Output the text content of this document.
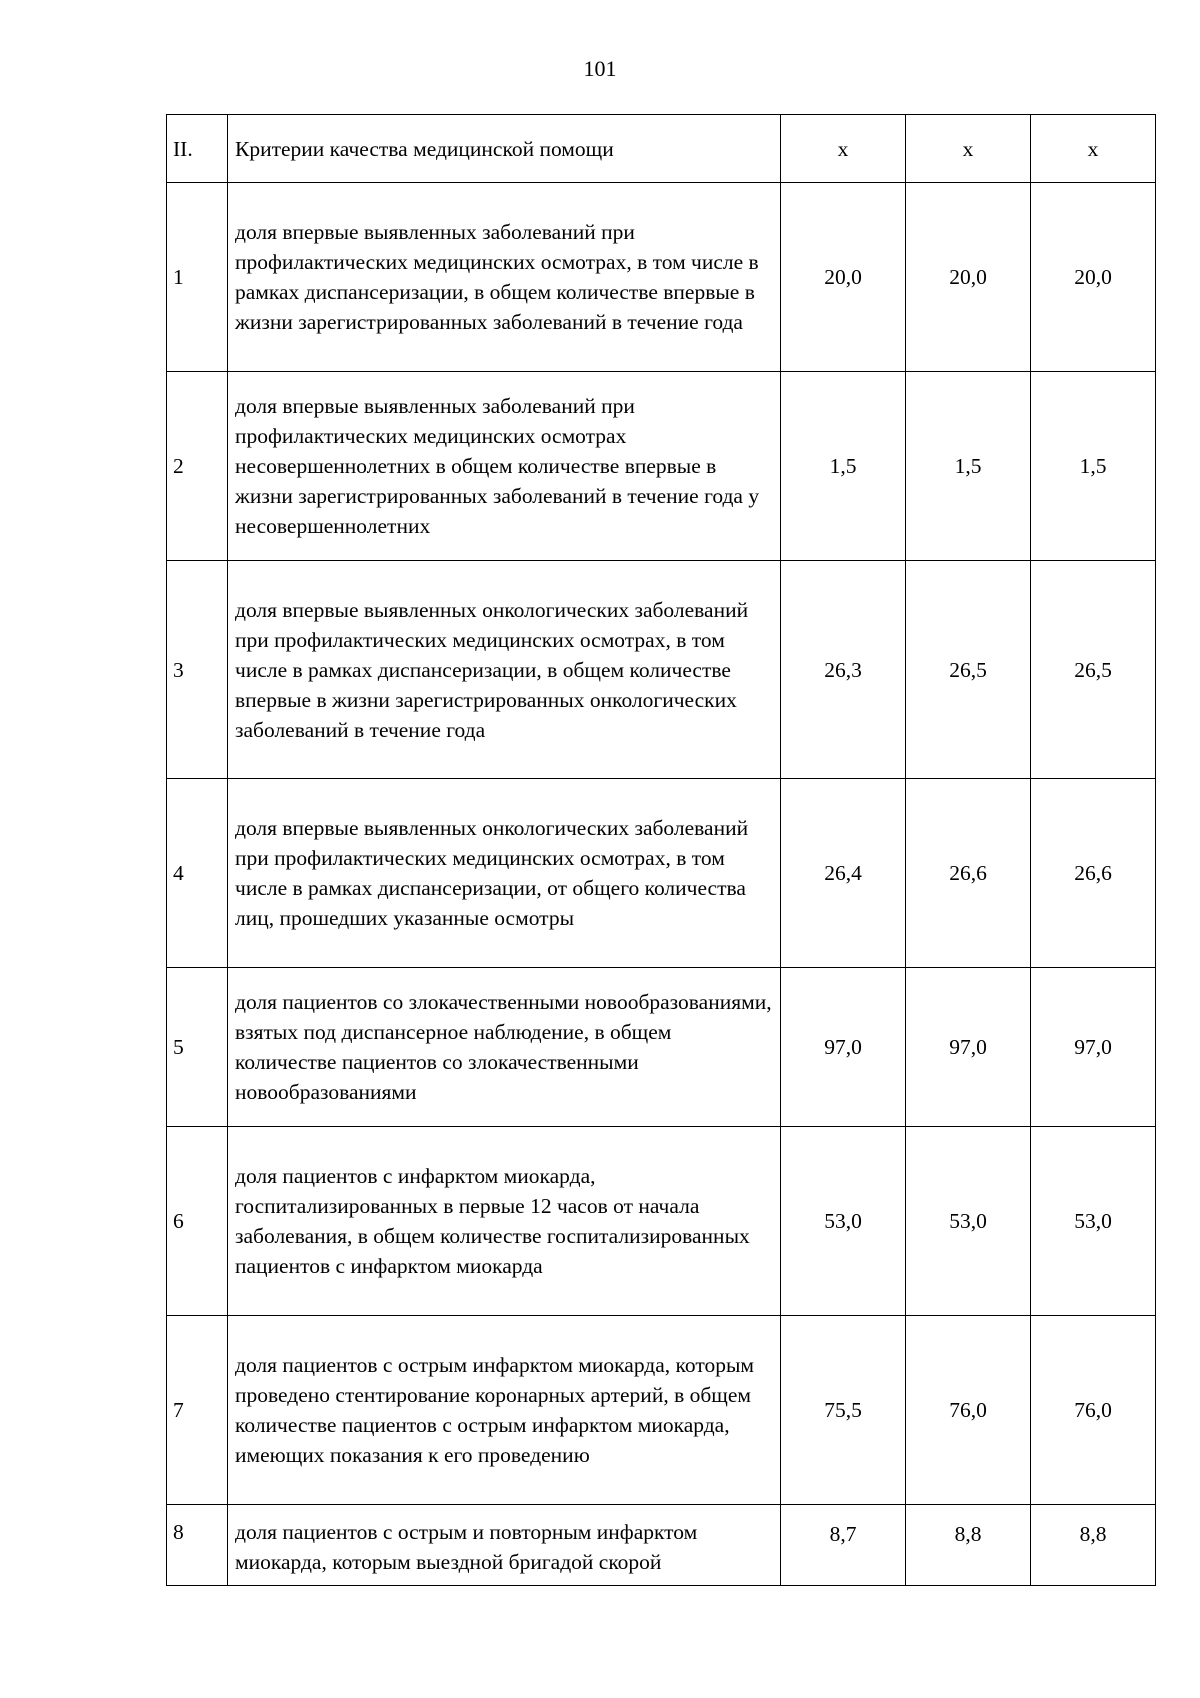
101
II.	Критерии качества медицинской помощи	х	х	х
1	доля впервые выявленных заболеваний при профилактических медицинских осмотрах, в том числе в рамках диспансеризации, в общем количестве впервые в жизни зарегистрированных заболеваний в течение года	20,0	20,0	20,0
2	доля впервые выявленных заболеваний при профилактических медицинских осмотрах несовершеннолетних в общем количестве впервые в жизни зарегистрированных заболеваний в течение года у несовершеннолетних	1,5	1,5	1,5
3	доля впервые выявленных онкологических заболеваний при профилактических медицинских осмотрах, в том числе в рамках диспансеризации, в общем количестве впервые в жизни зарегистрированных онкологических заболеваний в течение года	26,3	26,5	26,5
4	доля впервые выявленных онкологических заболеваний при профилактических медицинских осмотрах, в том числе в рамках диспансеризации, от общего количества лиц, прошедших указанные осмотры	26,4	26,6	26,6
5	доля пациентов со злокачественными новообразованиями, взятых под диспансерное наблюдение, в общем количестве пациентов со злокачественными новообразованиями	97,0	97,0	97,0
6	доля пациентов с инфарктом миокарда, госпитализированных в первые 12 часов от начала заболевания, в общем количестве госпитализированных пациентов с инфарктом миокарда	53,0	53,0	53,0
7	доля пациентов с острым инфарктом миокарда, которым проведено стентирование коронарных артерий, в общем количестве пациентов с острым инфарктом миокарда, имеющих показания к его проведению	75,5	76,0	76,0
8	доля пациентов с острым и повторным инфарктом миокарда, которым выездной бригадой скорой	8,7	8,8	8,8
